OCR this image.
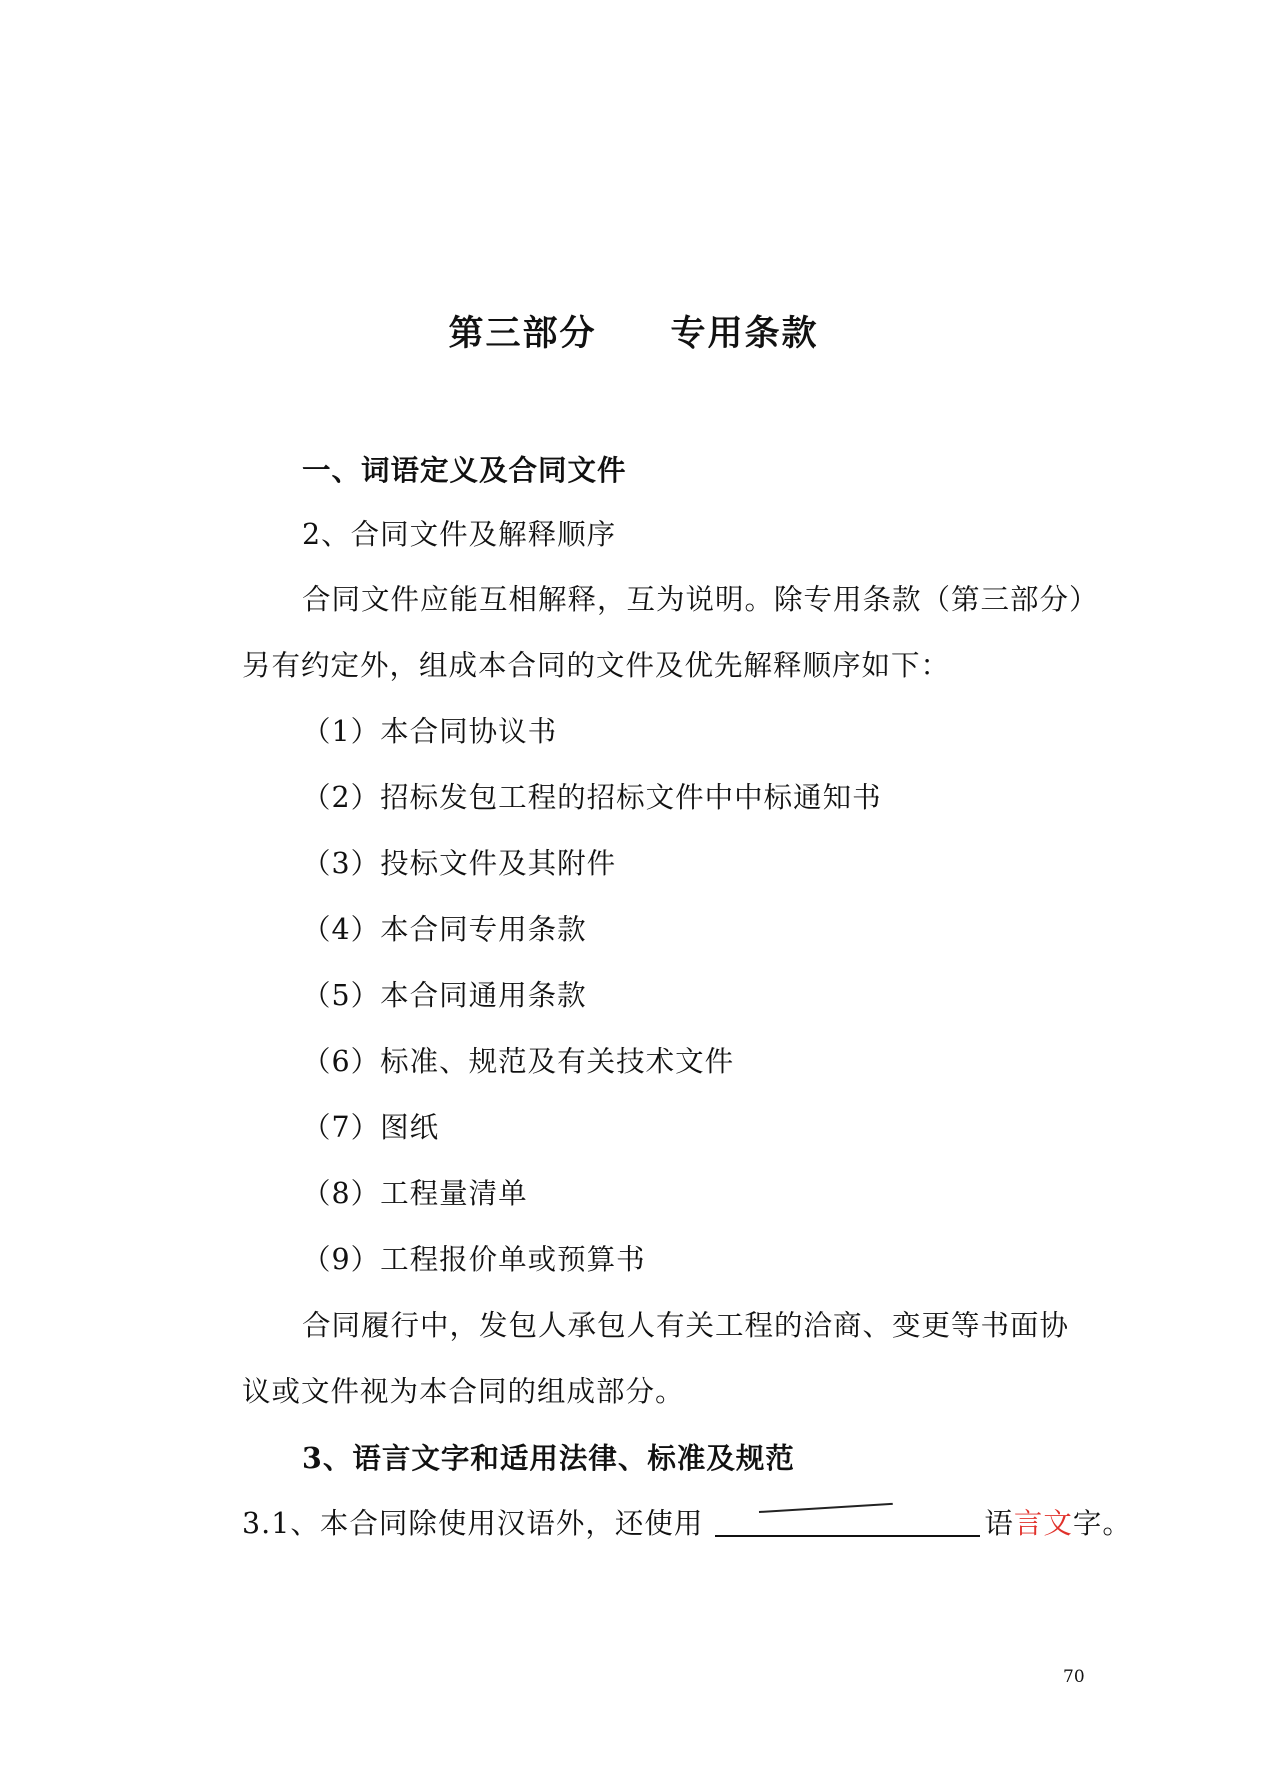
第三部分　　专用条款
一、词语定义及合同文件
2、合同文件及解释顺序
合同文件应能互相解释，互为说明。除专用条款（第三部分）
另有约定外，组成本合同的文件及优先解释顺序如下：
（1）本合同协议书
（2）招标发包工程的招标文件中中标通知书
（3）投标文件及其附件
（4）本合同专用条款
（5）本合同通用条款
（6）标准、规范及有关技术文件
（7）图纸
（8）工程量清单
（9）工程报价单或预算书
合同履行中，发包人承包人有关工程的洽商、变更等书面协
议或文件视为本合同的组成部分。
3、语言文字和适用法律、标准及规范
3.1、本合同除使用汉语外，还使用	语言文字。
70
